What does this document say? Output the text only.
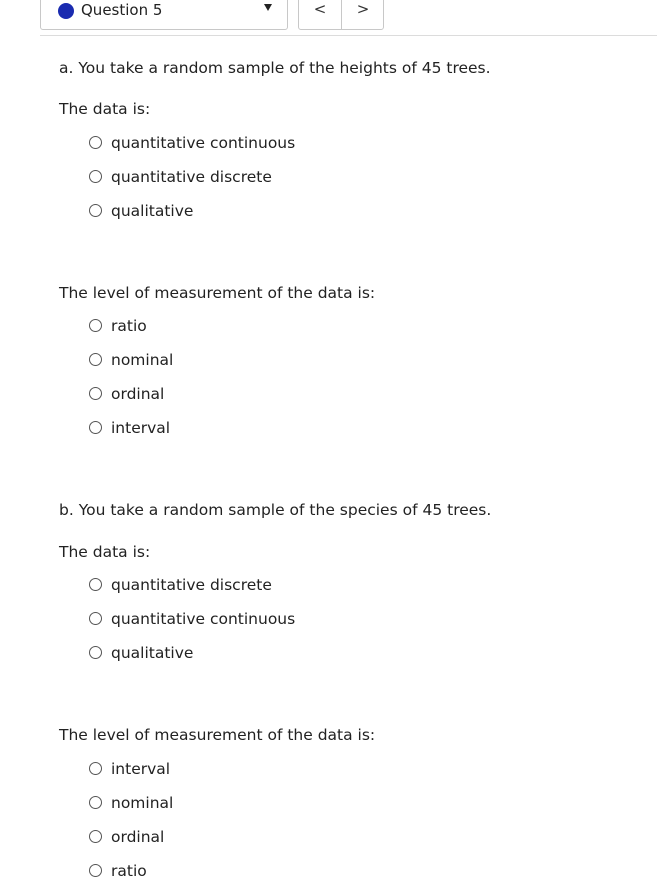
Question 5	<	>
a. You take a random sample of the heights of 45 trees.
The data is:
quantitative continuous
quantitative discrete
qualitative
The level of measurement of the data is:
ratio
nominal
ordinal
interval
b. You take a random sample of the species of 45 trees.
The data is:
quantitative discrete
quantitative continuous
qualitative
The level of measurement of the data is:
interval
nominal
ordinal
ratio
